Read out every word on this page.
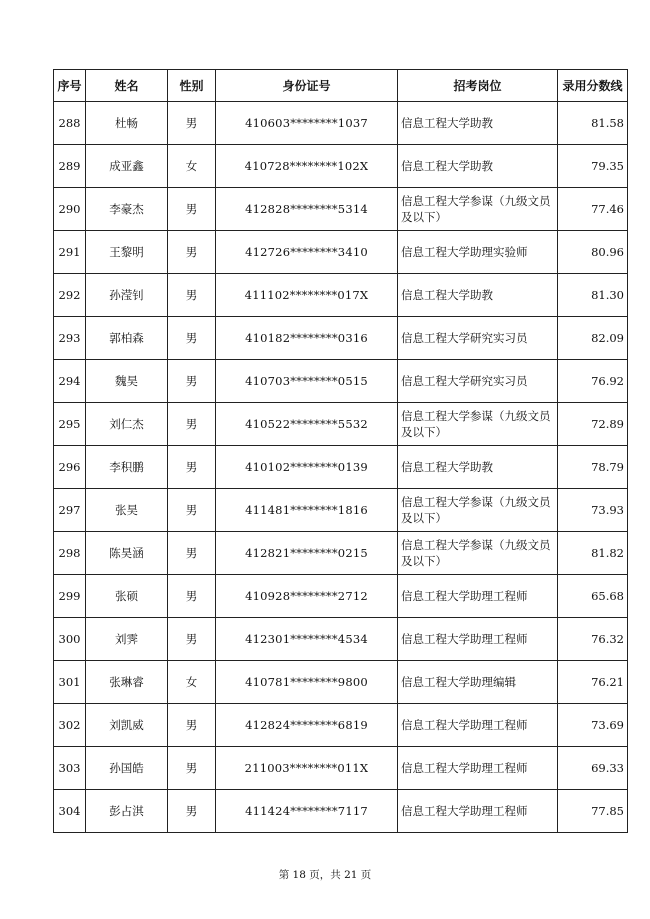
序号	姓名	性别	身份证号	招考岗位	录用分数线
288	杜畅	男	410603********1037	信息工程大学助教	81.58
289	成亚鑫	女	410728********102X	信息工程大学助教	79.35
290	李豪杰	男	412828********5314	信息工程大学参谋（九级文员及以下）	77.46
291	王黎明	男	412726********3410	信息工程大学助理实验师	80.96
292	孙滢钊	男	411102********017X	信息工程大学助教	81.30
293	郭柏森	男	410182********0316	信息工程大学研究实习员	82.09
294	魏昊	男	410703********0515	信息工程大学研究实习员	76.92
295	刘仁杰	男	410522********5532	信息工程大学参谋（九级文员及以下）	72.89
296	李积鹏	男	410102********0139	信息工程大学助教	78.79
297	张昊	男	411481********1816	信息工程大学参谋（九级文员及以下）	73.93
298	陈昊涵	男	412821********0215	信息工程大学参谋（九级文员及以下）	81.82
299	张硕	男	410928********2712	信息工程大学助理工程师	65.68
300	刘霁	男	412301********4534	信息工程大学助理工程师	76.32
301	张琳睿	女	410781********9800	信息工程大学助理编辑	76.21
302	刘凯威	男	412824********6819	信息工程大学助理工程师	73.69
303	孙国皓	男	211003********011X	信息工程大学助理工程师	69.33
304	彭占淇	男	411424********7117	信息工程大学助理工程师	77.85
第 18 页，共 21 页
